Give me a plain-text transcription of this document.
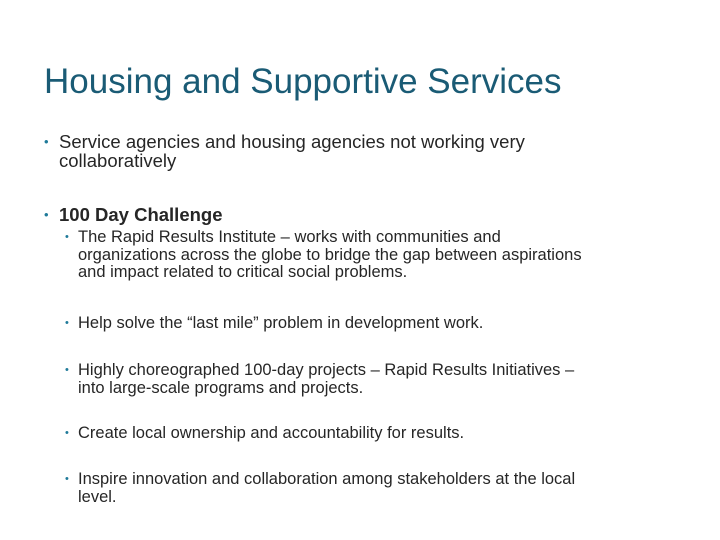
Housing and Supportive Services
• Service agencies and housing agencies not working very
collaboratively
• 100 Day Challenge
• The Rapid Results Institute – works with communities and
organizations across the globe to bridge the gap between aspirations
and impact related to critical social problems.
• Help solve the “last mile” problem in development work.
• Highly choreographed 100-day projects – Rapid Results Initiatives –
into large-scale programs and projects.
• Create local ownership and accountability for results.
• Inspire innovation and collaboration among stakeholders at the local
level.
